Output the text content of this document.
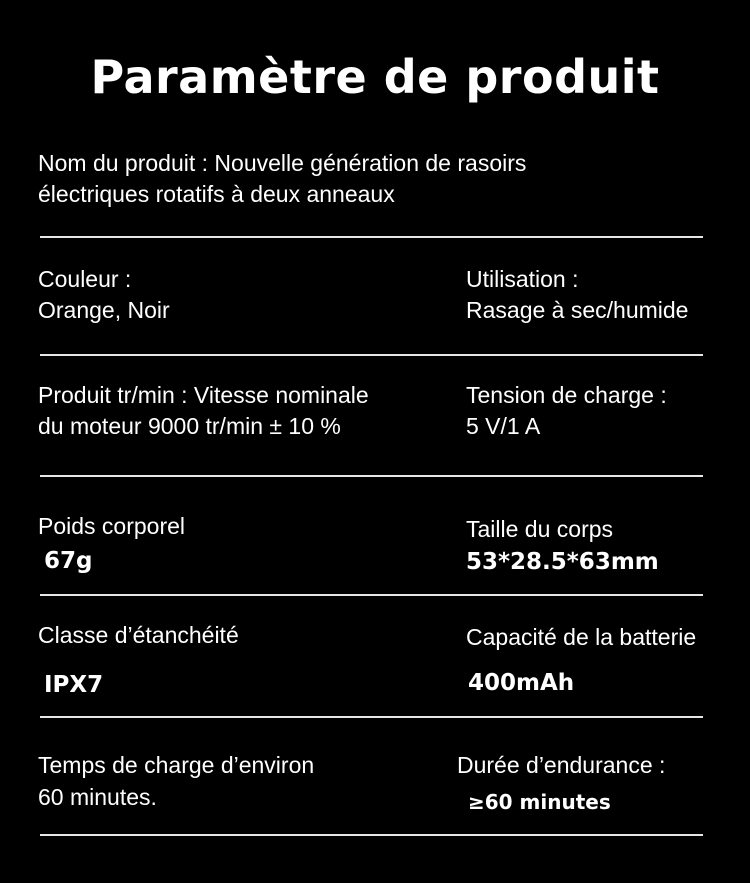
Paramètre de produit
Nom du produit : Nouvelle génération de rasoirs
électriques rotatifs à deux anneaux
Couleur :
Orange, Noir
Utilisation :
Rasage à sec/humide
Produit tr/min : Vitesse nominale
du moteur 9000 tr/min ± 10 %
Tension de charge :
5 V/1 A
Poids corporel
67g
Taille du corps
53*28.5*63mm
Classe d’étanchéité
IPX7
Capacité de la batterie
400mAh
Temps de charge d’environ
60 minutes.
Durée d’endurance :
≥60 minutes
